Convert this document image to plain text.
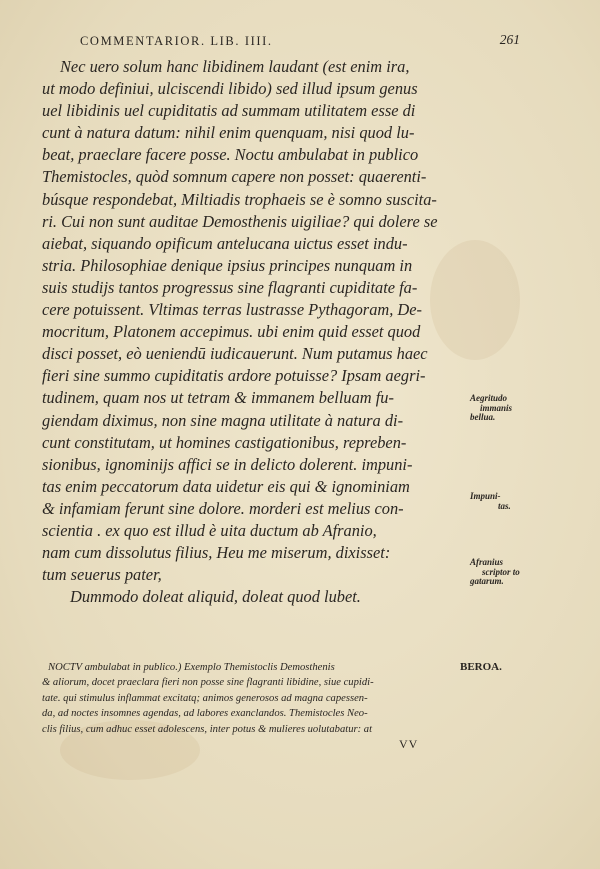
COMMENTARIOR. LIB. IIII.	261
Nec uero solum hanc libidinem laudant (est enim ira,
ut modo definiui, ulciscendi libido) sed illud ipsum genus
uel libidinis uel cupiditatis ad summam utilitatem esse di
cunt à natura datum: nihil enim quenquam, nisi quod lu-
beat, praeclare facere posse. Noctu ambulabat in publico
Themistocles, quòd somnum capere non posset: quaerenti-
búsque respondebat, Miltiadis trophaeis se è somno suscita-
ri. Cui non sunt auditae Demosthenis uigiliae? qui dolere se
aiebat, siquando opificum antelucana uictus esset indu-
stria. Philosophiae denique ipsius principes nunquam in
suis studijs tantos progressus sine flagranti cupiditate fa-
cere potuissent. Vltimas terras lustrasse Pythagoram, De-
mocritum, Platonem accepimus. ubi enim quid esset quod
disci posset, eò ueniendū iudicauerunt. Num putamus haec
fieri sine summo cupiditatis ardore potuisse? Ipsam aegri-
tudinem, quam nos ut tetram & immanem belluam fu-
giendam diximus, non sine magna utilitate à natura di-
cunt constitutam, ut homines castigationibus, repreben-
sionibus, ignominijs affici se in delicto dolerent. impuni-
tas enim peccatorum data uidetur eis qui & ignominiam
& infamiam ferunt sine dolore. morderi est melius con-
scientia . ex quo est illud è uita ductum ab Afranio,
nam cum dissolutus filius, Heu me miserum, dixisset:
tum seuerus pater,
Dummodo doleat aliquid, doleat quod lubet.
Aegritudo
immanis
bellua.
Impuni-
tas.
Afranius
scriptor to
gatarum.
NOCTV ambulabat in publico.) Exemplo Themistoclis Demosthenis
& aliorum, docet praeclara fieri non posse sine flagranti libidine, siue cupidi-
tate. qui stimulus inflammat excitatq; animos generosos ad magna capessen-
da, ad noctes insomnes agendas, ad labores exanclandos. Themistocles Neo-
clis filius, cum adhuc esset adolescens, inter potus & mulieres uolutabatur: at
BEROA.
VV
